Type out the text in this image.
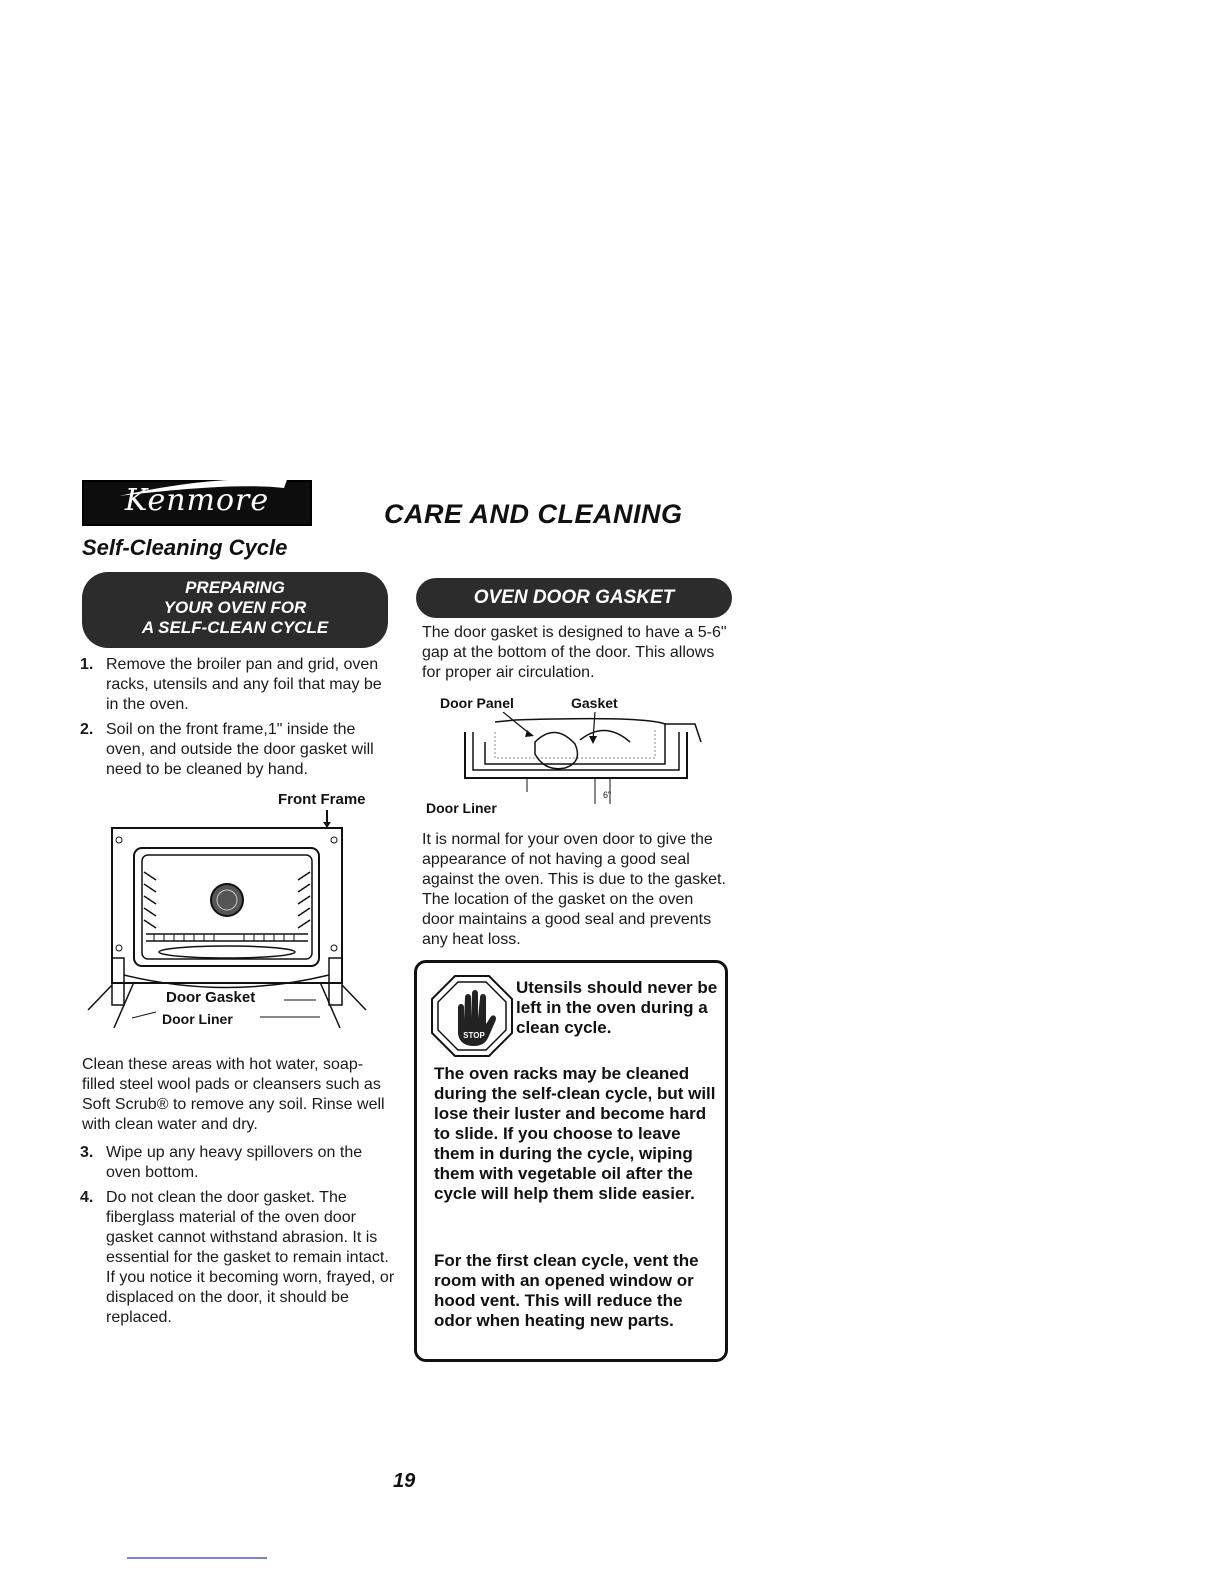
Kenmore	CARE AND CLEANING
Self-Cleaning Cycle
PREPARING
YOUR OVEN FOR
A SELF-CLEAN CYCLE
1. Remove the broiler pan and grid, oven racks, utensils and any foil that may be in the oven.
2. Soil on the front frame,1" inside the oven, and outside the door gasket will need to be cleaned by hand.
Front Frame
Door Gasket
Door Liner
Clean these areas with hot water, soap-filled steel wool pads or cleansers such as Soft Scrub® to remove any soil. Rinse well with clean water and dry.
3. Wipe up any heavy spillovers on the oven bottom.
4. Do not clean the door gasket. The fiberglass material of the oven door gasket cannot withstand abrasion. It is essential for the gasket to remain intact. If you notice it becoming worn, frayed, or displaced on the door, it should be replaced.
OVEN DOOR GASKET
The door gasket is designed to have a 5-6" gap at the bottom of the door. This allows for proper air circulation.
Door Panel	Gasket
Door Liner
6"
It is normal for your oven door to give the appearance of not having a good seal against the oven. This is due to the gasket. The location of the gasket on the oven door maintains a good seal and prevents any heat loss.
STOP
Utensils should never be left in the oven during a clean cycle.
The oven racks may be cleaned during the self-clean cycle, but will lose their luster and become hard to slide. If you choose to leave them in during the cycle, wiping them with vegetable oil after the cycle will help them slide easier.
For the first clean cycle, vent the room with an opened window or hood vent. This will reduce the odor when heating new parts.
19
